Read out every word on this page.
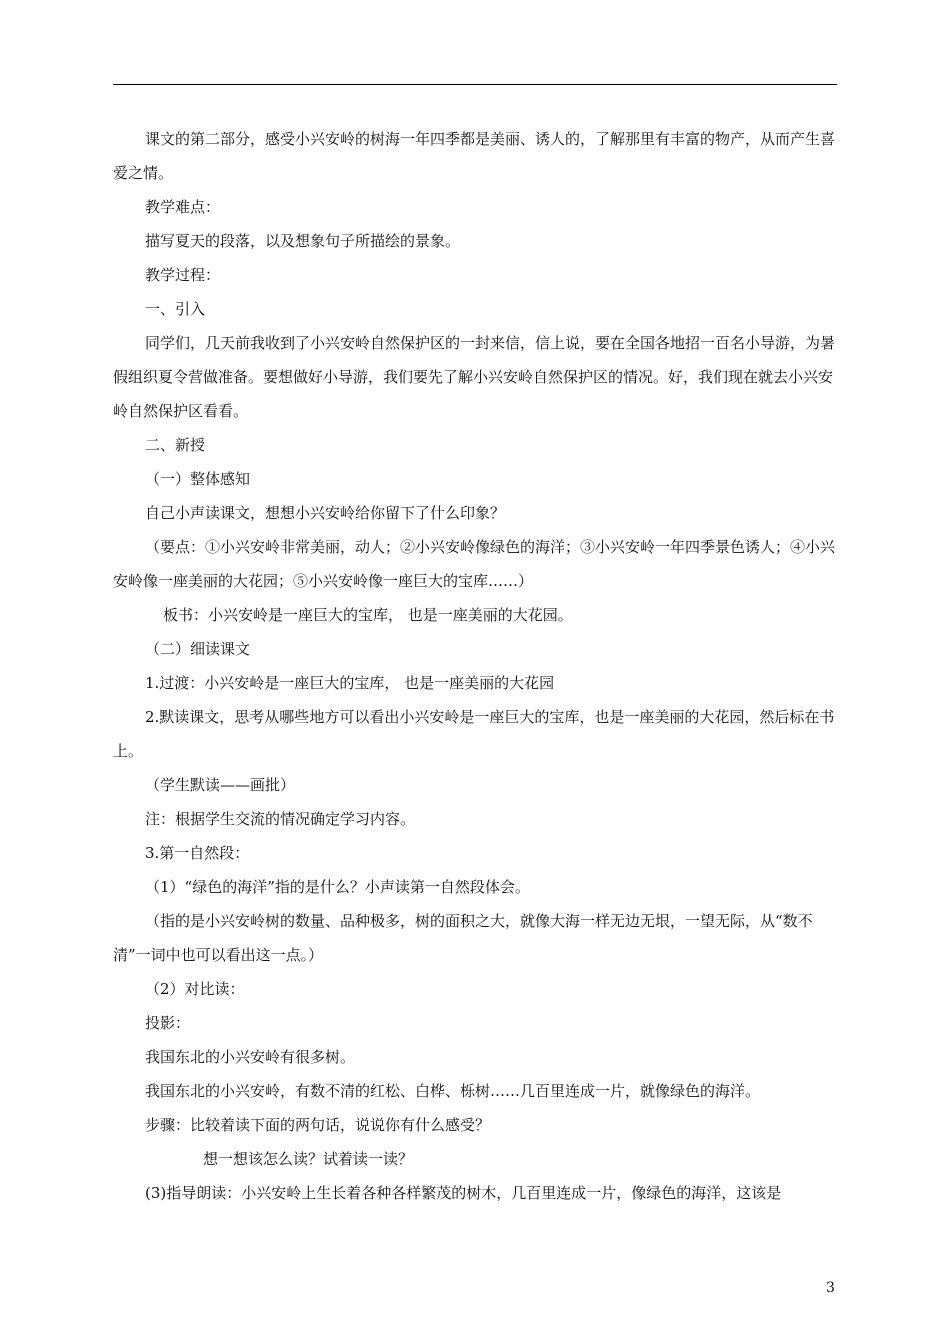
课文的第二部分，感受小兴安岭的树海一年四季都是美丽、诱人的，了解那里有丰富的物产，从而产生喜爱之情。

教学难点：

描写夏天的段落，以及想象句子所描绘的景象。

教学过程：

一、引入

同学们，几天前我收到了小兴安岭自然保护区的一封来信，信上说，要在全国各地招一百名小导游，为暑假组织夏令营做准备。要想做好小导游，我们要先了解小兴安岭自然保护区的情况。好，我们现在就去小兴安岭自然保护区看看。

二、新授

（一）整体感知

自己小声读课文，想想小兴安岭给你留下了什么印象？

（要点：①小兴安岭非常美丽，动人；②小兴安岭像绿色的海洋；③小兴安岭一年四季景色诱人；④小兴安岭像一座美丽的大花园；⑤小兴安岭像一座巨大的宝库……）

板书：小兴安岭是一座巨大的宝库， 也是一座美丽的大花园。

（二）细读课文

1.过渡：小兴安岭是一座巨大的宝库， 也是一座美丽的大花园

2.默读课文，思考从哪些地方可以看出小兴安岭是一座巨大的宝库，也是一座美丽的大花园，然后标在书上。

（学生默读——画批）

注：根据学生交流的情况确定学习内容。

3.第一自然段：

（1）“绿色的海洋”指的是什么？小声读第一自然段体会。

（指的是小兴安岭树的数量、品种极多，树的面积之大，就像大海一样无边无垠，一望无际，从“数不清”一词中也可以看出这一点。）

（2）对比读：

投影：

我国东北的小兴安岭有很多树。

我国东北的小兴安岭，有数不清的红松、白桦、栎树……几百里连成一片，就像绿色的海洋。

步骤：比较着读下面的两句话，说说你有什么感受？

想一想该怎么读？试着读一读？

(3)指导朗读：小兴安岭上生长着各种各样繁茂的树木，几百里连成一片，像绿色的海洋，这该是

3
